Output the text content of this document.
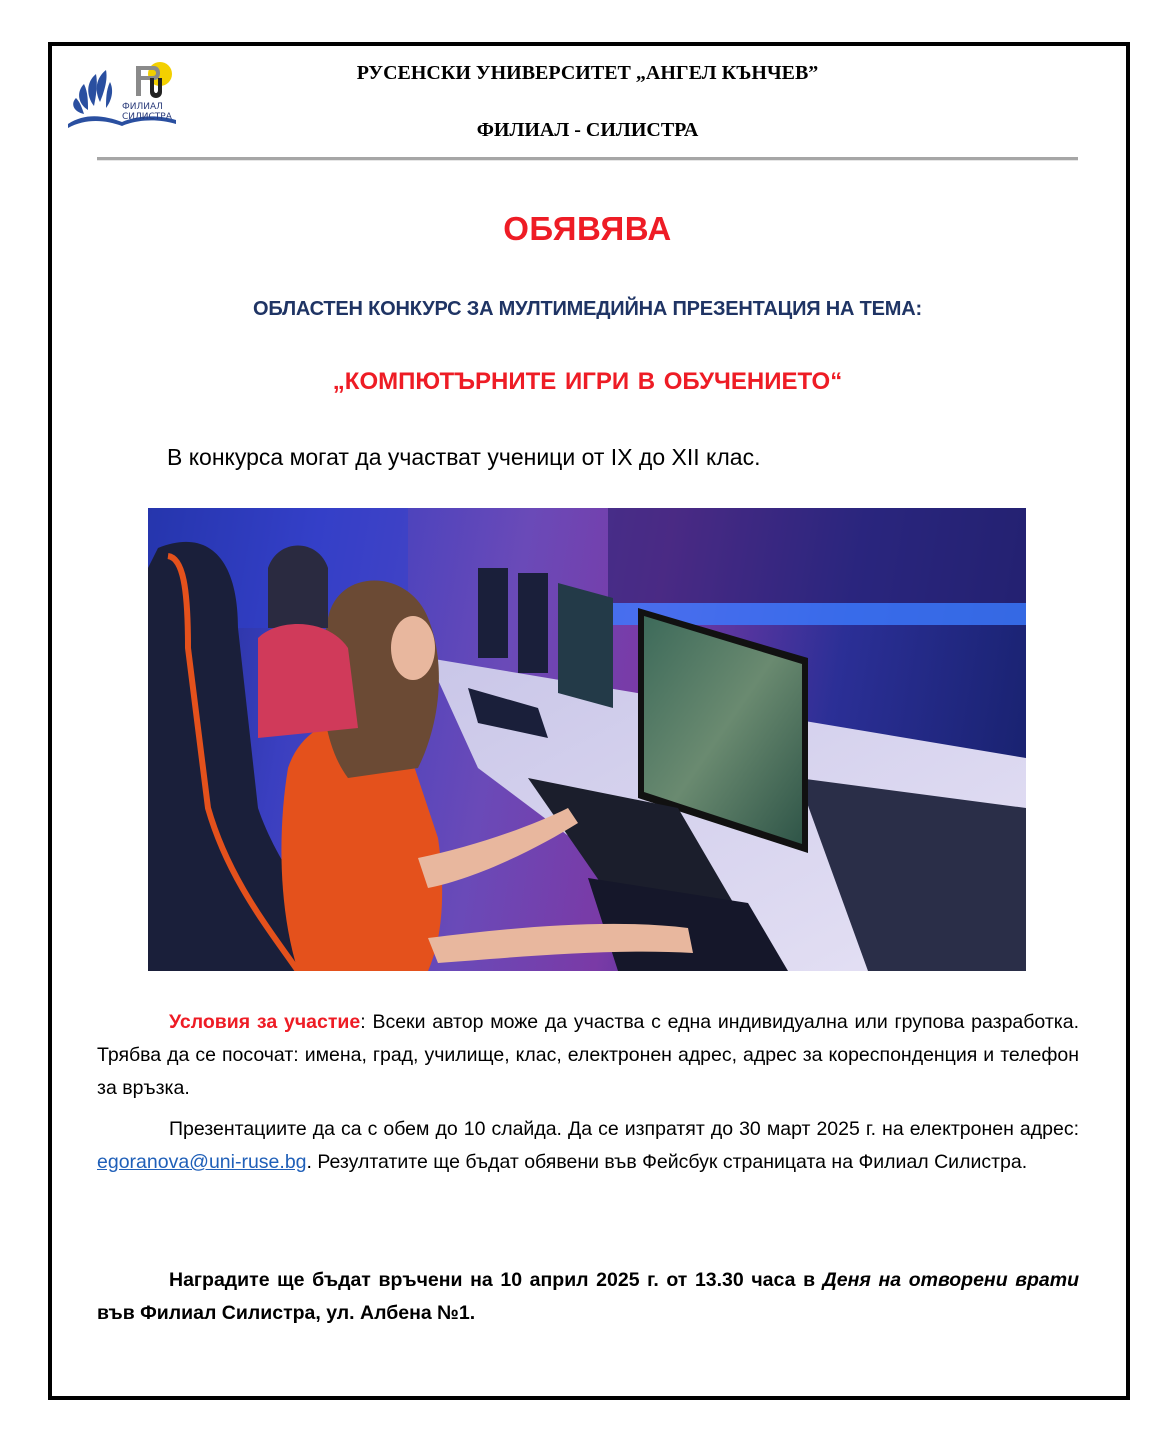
ФИЛИАЛ
СИЛИСТРА
РУСЕНСКИ УНИВЕРСИТЕТ „АНГЕЛ КЪНЧЕВ”
ФИЛИАЛ - СИЛИСТРА
ОБЯВЯВА
ОБЛАСТЕН КОНКУРС ЗА МУЛТИМЕДИЙНА ПРЕЗЕНТАЦИЯ НА ТЕМА:
„КОМПЮТЪРНИТЕ ИГРИ В ОБУЧЕНИЕТО“
В конкурса могат да участват ученици от IX до XII клас.
Условия за участие: Всеки автор може да участва с една индивидуална или групова разработка. Трябва да се посочат: имена, град, училище, клас, електронен адрес, адрес за кореспонденция и телефон за връзка.
Презентациите да са с обем до 10 слайда. Да се изпратят до 30 март 2025 г. на електронен адрес: egoranova@uni-ruse.bg. Резултатите ще бъдат обявени във Фейсбук страницата на Филиал Силистра.
Наградите ще бъдат връчени на 10 април 2025 г. от 13.30 часа в Деня на отворени врати във Филиал Силистра, ул. Албена №1.
